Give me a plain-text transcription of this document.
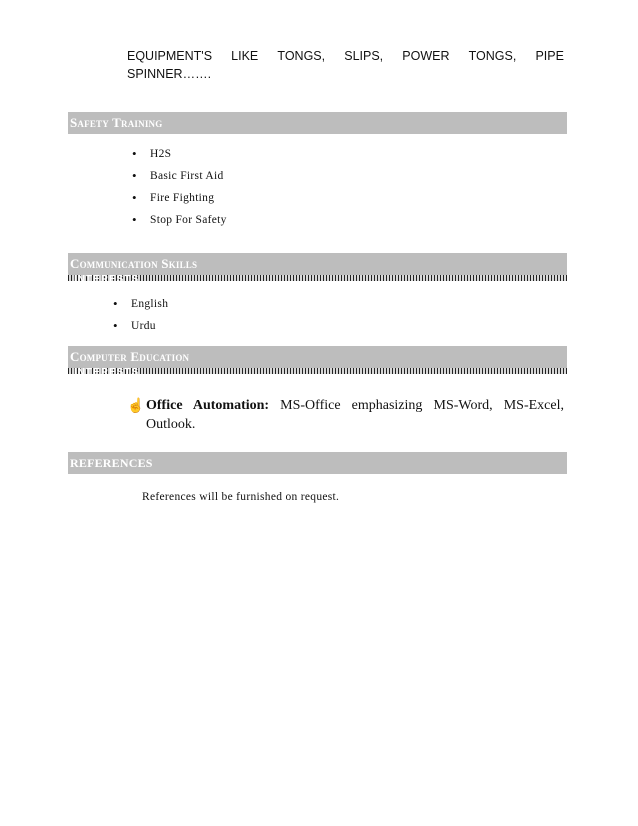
EQUIPMENT'S LIKE TONGS, SLIPS, POWER TONGS, PIPE
SPINNER…….
Safety Training
• H2S
• Basic First Aid
• Fire Fighting
• Stop For Safety
Communication Skills
INTERESTS
• English
• Urdu
Computer Education
INTERESTS
☝ Office Automation: MS-Office emphasizing MS-Word, MS-Excel, Outlook.
REFERENCES
References will be furnished on request.
